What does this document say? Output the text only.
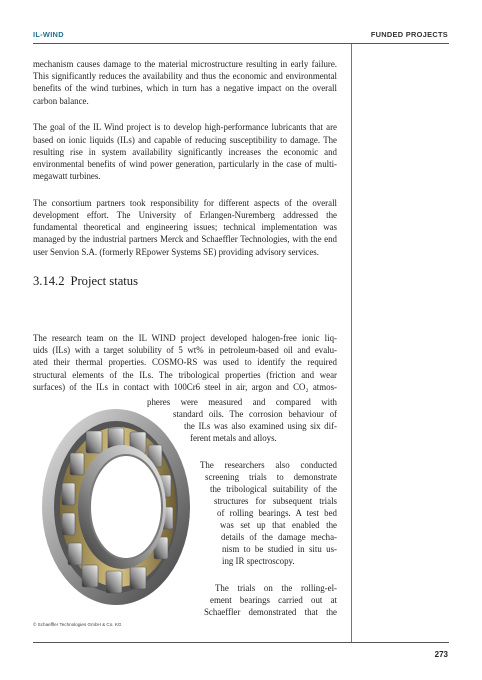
IL-WIND	FUNDED PROJECTS

mechanism causes damage to the material microstructure resulting in early failure. This significantly reduces the availability and thus the economic and environmental benefits of the wind turbines, which in turn has a negative impact on the overall carbon balance.

The goal of the IL Wind project is to develop high-performance lubricants that are based on ionic liquids (ILs) and capable of reducing susceptibility to damage. The resulting rise in system availability significantly increases the economic and environmental benefits of wind power generation, particularly in the case of multi-megawatt turbines.

The consortium partners took responsibility for different aspects of the overall development effort. The University of Erlangen-Nuremberg addressed the fundamental theoretical and engineering issues; technical implementation was managed by the industrial partners Merck and Schaeffler Technologies, with the end user Senvion S.A. (formerly REpower Systems SE) providing advisory services.

3.14.2 Project status
The research team on the IL WIND project developed halogen-free ionic liq-
uids (ILs) with a target solubility of 5 wt% in petroleum-based oil and evalu-
ated their thermal properties. COSMO-RS was used to identify the required
structural elements of the ILs. The tribological properties (friction and wear
surfaces) of the ILs in contact with 100Cr6 steel in air, argon and CO₂ atmos-
pheres were measured and compared with
standard oils. The corrosion behaviour of
the ILs was also examined using six dif-
ferent metals and alloys.
The researchers also conducted
screening trials to demonstrate
the tribological suitability of the
structures for subsequent trials
of rolling bearings. A test bed
was set up that enabled the
details of the damage mecha-
nism to be studied in situ us-
ing IR spectroscopy.
The trials on the rolling-el-
ement bearings carried out at
Schaeffler demonstrated that the
© Schaeffler Technologies GmbH & Co. KG
273
